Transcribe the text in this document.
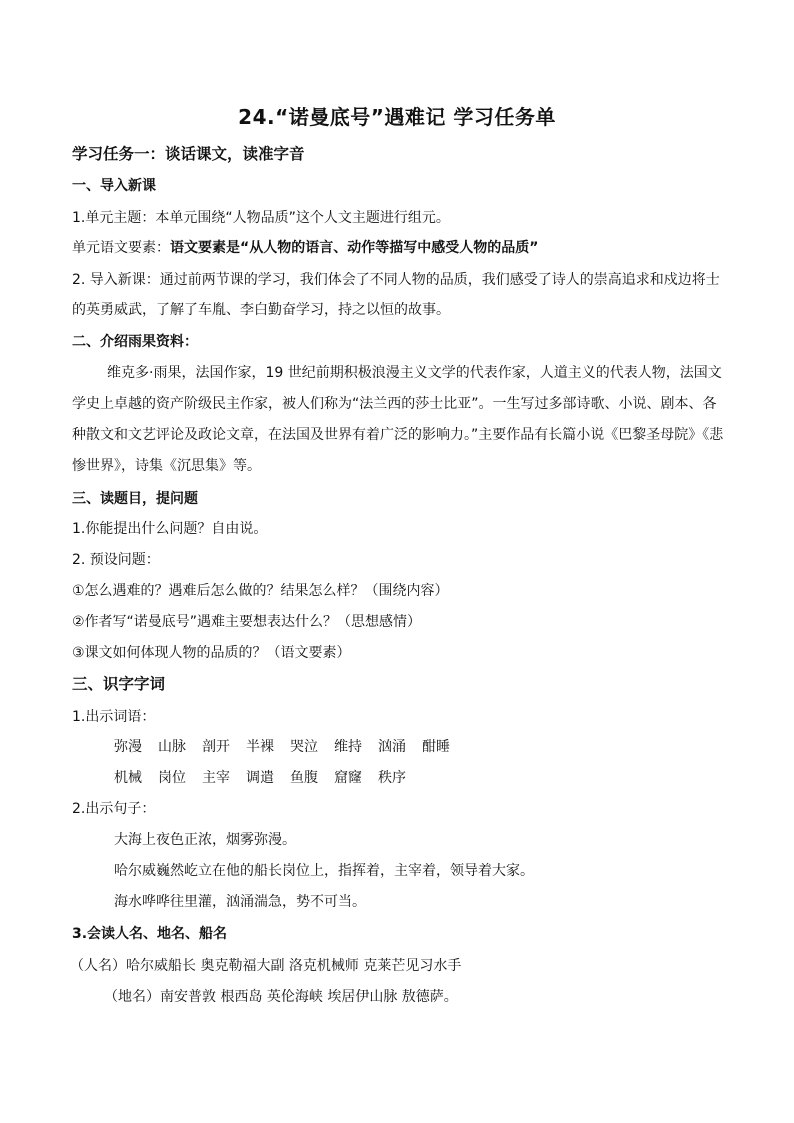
24.“诺曼底号”遇难记 学习任务单
学习任务一：谈话课文，读准字音
一、导入新课
1.单元主题：本单元围绕“人物品质”这个人文主题进行组元。
单元语文要素：语文要素是“从人物的语言、动作等描写中感受人物的品质”
2. 导入新课：通过前两节课的学习，我们体会了不同人物的品质，我们感受了诗人的崇高追求和戍边将士
的英勇威武，了解了车胤、李白勤奋学习，持之以恒的故事。
二、介绍雨果资料：
维克多·雨果，法国作家，19 世纪前期积极浪漫主义文学的代表作家，人道主义的代表人物，法国文
学史上卓越的资产阶级民主作家，被人们称为“法兰西的莎士比亚”。一生写过多部诗歌、小说、剧本、各
种散文和文艺评论及政论文章，在法国及世界有着广泛的影响力。”主要作品有长篇小说《巴黎圣母院》《悲
惨世界》，诗集《沉思集》等。
三、读题目，提问题
1.你能提出什么问题？自由说。
2. 预设问题：
①怎么遇难的？遇难后怎么做的？结果怎么样？（围绕内容）
②作者写“诺曼底号”遇难主要想表达什么？（思想感情）
③课文如何体现人物的品质的？（语文要素）
三、识字字词
1.出示词语：
弥漫 山脉 剖开 半裸 哭泣 维持 汹涌 酣睡
机械 岗位 主宰 调遣 鱼腹 窟窿 秩序
2.出示句子：
大海上夜色正浓，烟雾弥漫。
哈尔威巍然屹立在他的船长岗位上，指挥着，主宰着，领导着大家。
海水哗哗往里灌，汹涌湍急，势不可当。
3.会读人名、地名、船名
（人名）哈尔威船长 奥克勒福大副 洛克机械师 克莱芒见习水手
（地名）南安普敦 根西岛 英伦海峡 埃居伊山脉 敖德萨。
